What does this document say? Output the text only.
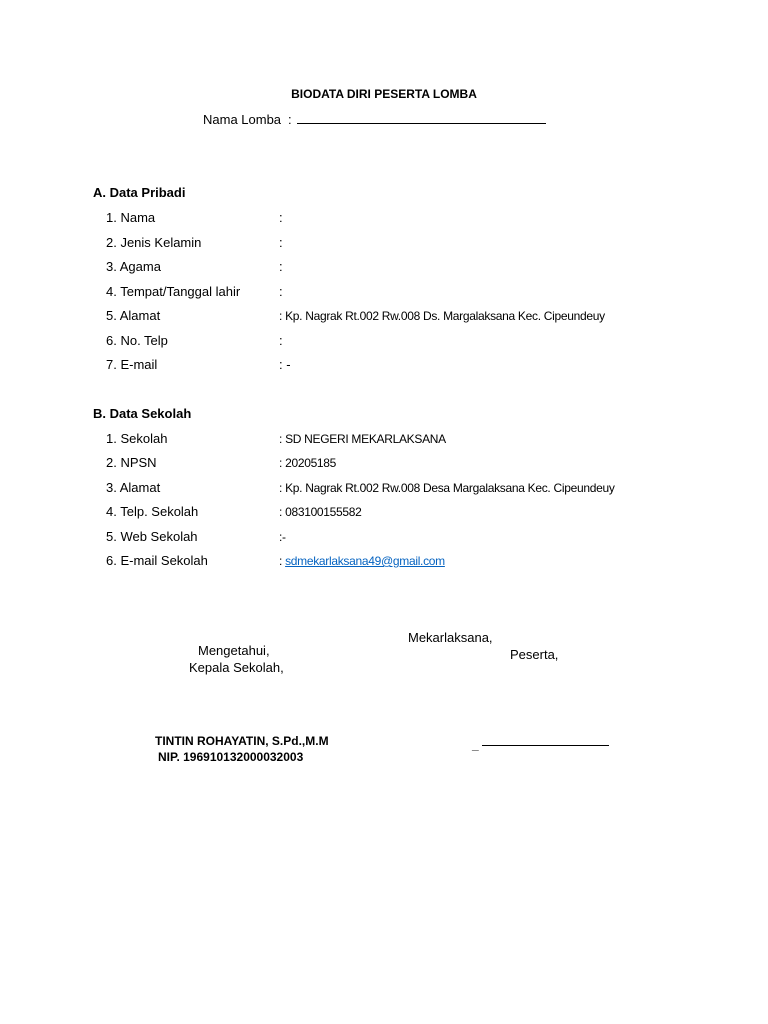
BIODATA DIRI PESERTA LOMBA
Nama Lomba :
A. Data Pribadi
1. Nama	:
2. Jenis Kelamin	:
3. Agama	:
4. Tempat/Tanggal lahir	:
5. Alamat	: Kp. Nagrak Rt.002 Rw.008 Ds. Margalaksana Kec. Cipeundeuy
6. No. Telp	:
7. E-mail	: -
B. Data Sekolah
1. Sekolah	: SD NEGERI MEKARLAKSANA
2. NPSN	: 20205185
3. Alamat	: Kp. Nagrak Rt.002 Rw.008 Desa Margalaksana Kec. Cipeundeuy
4. Telp. Sekolah	: 083100155582
5. Web Sekolah	:-
6. E-mail Sekolah	: sdmekarlaksana49@gmail.com
Mekarlaksana,
Mengetahui,	Peserta,
Kepala Sekolah,
TINTIN ROHAYATIN, S.Pd.,M.M
NIP. 196910132000032003
_
